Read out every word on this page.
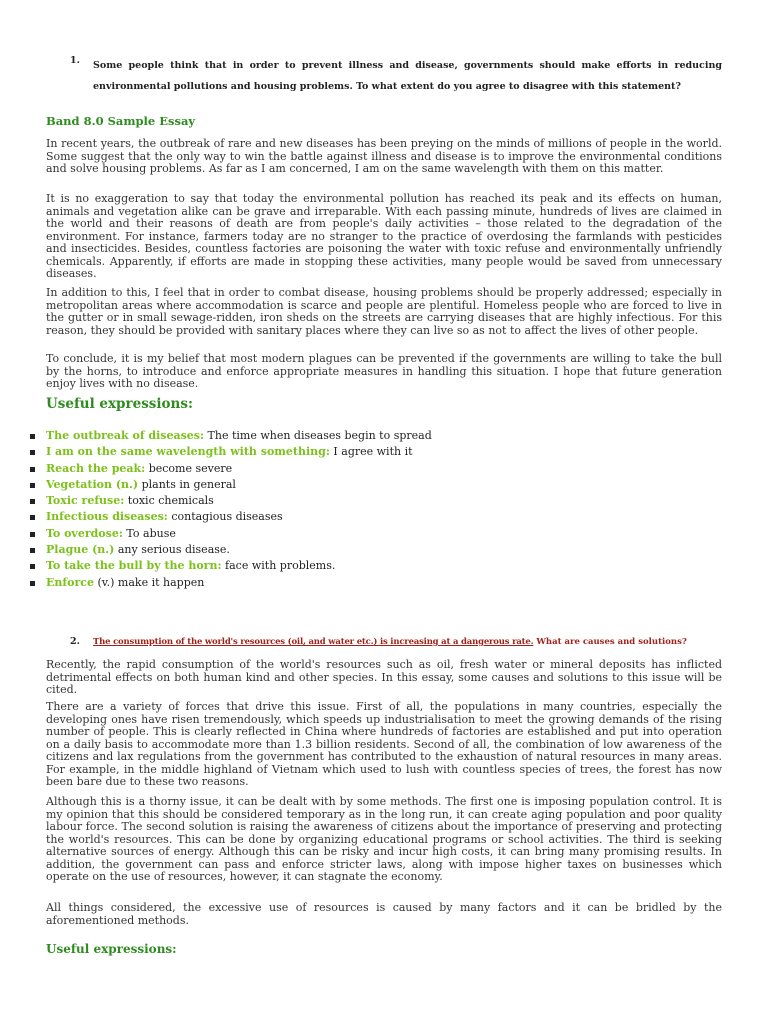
1. Some people think that in order to prevent illness and disease, governments should make efforts in reducing environmental pollutions and housing problems. To what extent do you agree to disagree with this statement?
Band 8.0 Sample Essay

In recent years, the outbreak of rare and new diseases has been preying on the minds of millions of people in the world. Some suggest that the only way to win the battle against illness and disease is to improve the environmental conditions and solve housing problems. As far as I am concerned, I am on the same wavelength with them on this matter.

It is no exaggeration to say that today the environmental pollution has reached its peak and its effects on human, animals and vegetation alike can be grave and irreparable. With each passing minute, hundreds of lives are claimed in the world and their reasons of death are from people's daily activities – those related to the degradation of the environment. For instance, farmers today are no stranger to the practice of overdosing the farmlands with pesticides and insecticides. Besides, countless factories are poisoning the water with toxic refuse and environmentally unfriendly chemicals. Apparently, if efforts are made in stopping these activities, many people would be saved from unnecessary diseases.

In addition to this, I feel that in order to combat disease, housing problems should be properly addressed; especially in metropolitan areas where accommodation is scarce and people are plentiful. Homeless people who are forced to live in the gutter or in small sewage-ridden, iron sheds on the streets are carrying diseases that are highly infectious. For this reason, they should be provided with sanitary places where they can live so as not to affect the lives of other people.

To conclude, it is my belief that most modern plagues can be prevented if the governments are willing to take the bull by the horns, to introduce and enforce appropriate measures in handling this situation. I hope that future generation enjoy lives with no disease.

Useful expressions:
The outbreak of diseases: The time when diseases begin to spread
I am on the same wavelength with something: I agree with it
Reach the peak: become severe
Vegetation (n.) plants in general
Toxic refuse: toxic chemicals
Infectious diseases: contagious diseases
To overdose: To abuse
Plague (n.) any serious disease.
To take the bull by the horn: face with problems.
Enforce (v.) make it happen
2. The consumption of the world's resources (oil, and water etc.) is increasing at a dangerous rate. What are causes and solutions?

Recently, the rapid consumption of the world's resources such as oil, fresh water or mineral deposits has inflicted detrimental effects on both human kind and other species. In this essay, some causes and solutions to this issue will be cited.

There are a variety of forces that drive this issue. First of all, the populations in many countries, especially the developing ones have risen tremendously, which speeds up industrialisation to meet the growing demands of the rising number of people. This is clearly reflected in China where hundreds of factories are established and put into operation on a daily basis to accommodate more than 1.3 billion residents. Second of all, the combination of low awareness of the citizens and lax regulations from the government has contributed to the exhaustion of natural resources in many areas. For example, in the middle highland of Vietnam which used to lush with countless species of trees, the forest has now been bare due to these two reasons.

Although this is a thorny issue, it can be dealt with by some methods. The first one is imposing population control. It is my opinion that this should be considered temporary as in the long run, it can create aging population and poor quality labour force. The second solution is raising the awareness of citizens about the importance of preserving and protecting the world's resources. This can be done by organizing educational programs or school activities. The third is seeking alternative sources of energy. Although this can be risky and incur high costs, it can bring many promising results. In addition, the government can pass and enforce stricter laws, along with impose higher taxes on businesses which operate on the use of resources, however, it can stagnate the economy.

All things considered, the excessive use of resources is caused by many factors and it can be bridled by the aforementioned methods.

Useful expressions:
